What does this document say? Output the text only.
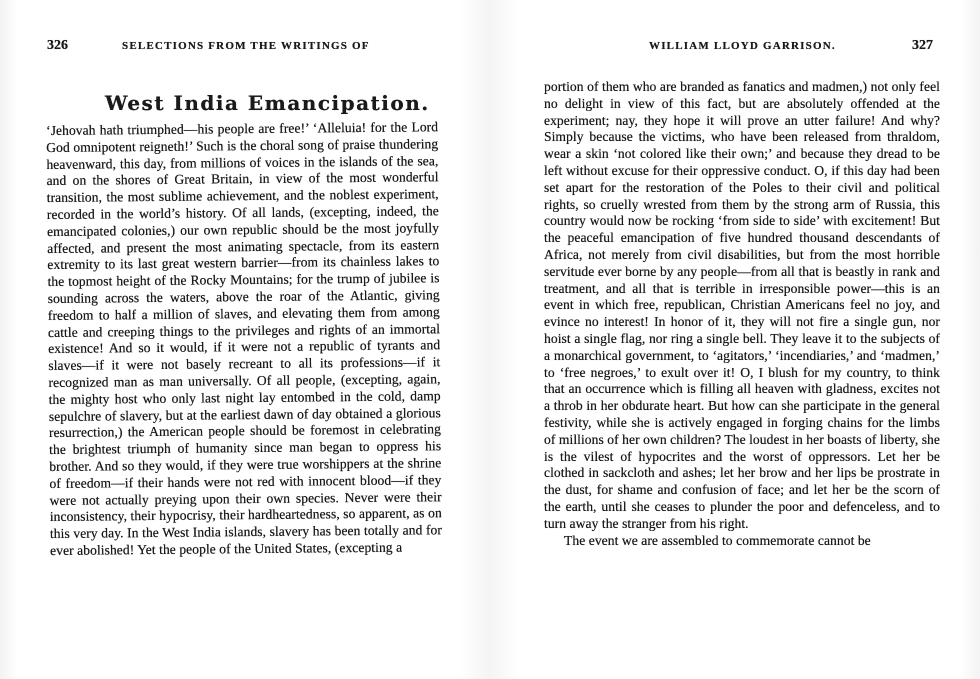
326	SELECTIONS FROM THE WRITINGS OF
West India Emancipation.

‘Jehovah hath triumphed—his people are free!’ ‘Alleluia! for the Lord God omnipotent reigneth!’ Such is the choral song of praise thundering heavenward, this day, from millions of voices in the islands of the sea, and on the shores of Great Britain, in view of the most wonderful transition, the most sublime achievement, and the noblest experiment, recorded in the world’s history. Of all lands, (excepting, indeed, the emancipated colonies,) our own republic should be the most joyfully affected, and present the most animating spectacle, from its eastern extremity to its last great western barrier—from its chainless lakes to the topmost height of the Rocky Mountains; for the trump of jubilee is sounding across the waters, above the roar of the Atlantic, giving freedom to half a million of slaves, and elevating them from among cattle and creeping things to the privileges and rights of an immortal existence! And so it would, if it were not a republic of tyrants and slaves—if it were not basely recreant to all its professions—if it recognized man as man universally. Of all people, (excepting, again, the mighty host who only last night lay entombed in the cold, damp sepulchre of slavery, but at the earliest dawn of day obtained a glorious resurrection,) the American people should be foremost in celebrating the brightest triumph of humanity since man began to oppress his brother. And so they would, if they were true worshippers at the shrine of freedom—if their hands were not red with innocent blood—if they were not actually preying upon their own species. Never were their inconsistency, their hypocrisy, their hardheartedness, so apparent, as on this very day. In the West India islands, slavery has been totally and for ever abolished! Yet the people of the United States, (excepting a

WILLIAM LLOYD GARRISON.	327

portion of them who are branded as fanatics and madmen,) not only feel no delight in view of this fact, but are absolutely offended at the experiment; nay, they hope it will prove an utter failure! And why? Simply because the victims, who have been released from thraldom, wear a skin ‘not colored like their own;’ and because they dread to be left without excuse for their oppressive conduct. O, if this day had been set apart for the restoration of the Poles to their civil and political rights, so cruelly wrested from them by the strong arm of Russia, this country would now be rocking ‘from side to side’ with excitement! But the peaceful emancipation of five hundred thousand descendants of Africa, not merely from civil disabilities, but from the most horrible servitude ever borne by any people—from all that is beastly in rank and treatment, and all that is terrible in irresponsible power—this is an event in which free, republican, Christian Americans feel no joy, and evince no interest! In honor of it, they will not fire a single gun, nor hoist a single flag, nor ring a single bell. They leave it to the subjects of a monarchical government, to ‘agitators,’ ‘incendiaries,’ and ‘madmen,’ to ‘free negroes,’ to exult over it! O, I blush for my country, to think that an occurrence which is filling all heaven with gladness, excites not a throb in her obdurate heart. But how can she participate in the general festivity, while she is actively engaged in forging chains for the limbs of millions of her own children? The loudest in her boasts of liberty, she is the vilest of hypocrites and the worst of oppressors. Let her be clothed in sackcloth and ashes; let her brow and her lips be prostrate in the dust, for shame and confusion of face; and let her be the scorn of the earth, until she ceases to plunder the poor and defenceless, and to turn away the stranger from his right.

The event we are assembled to commemorate cannot be
